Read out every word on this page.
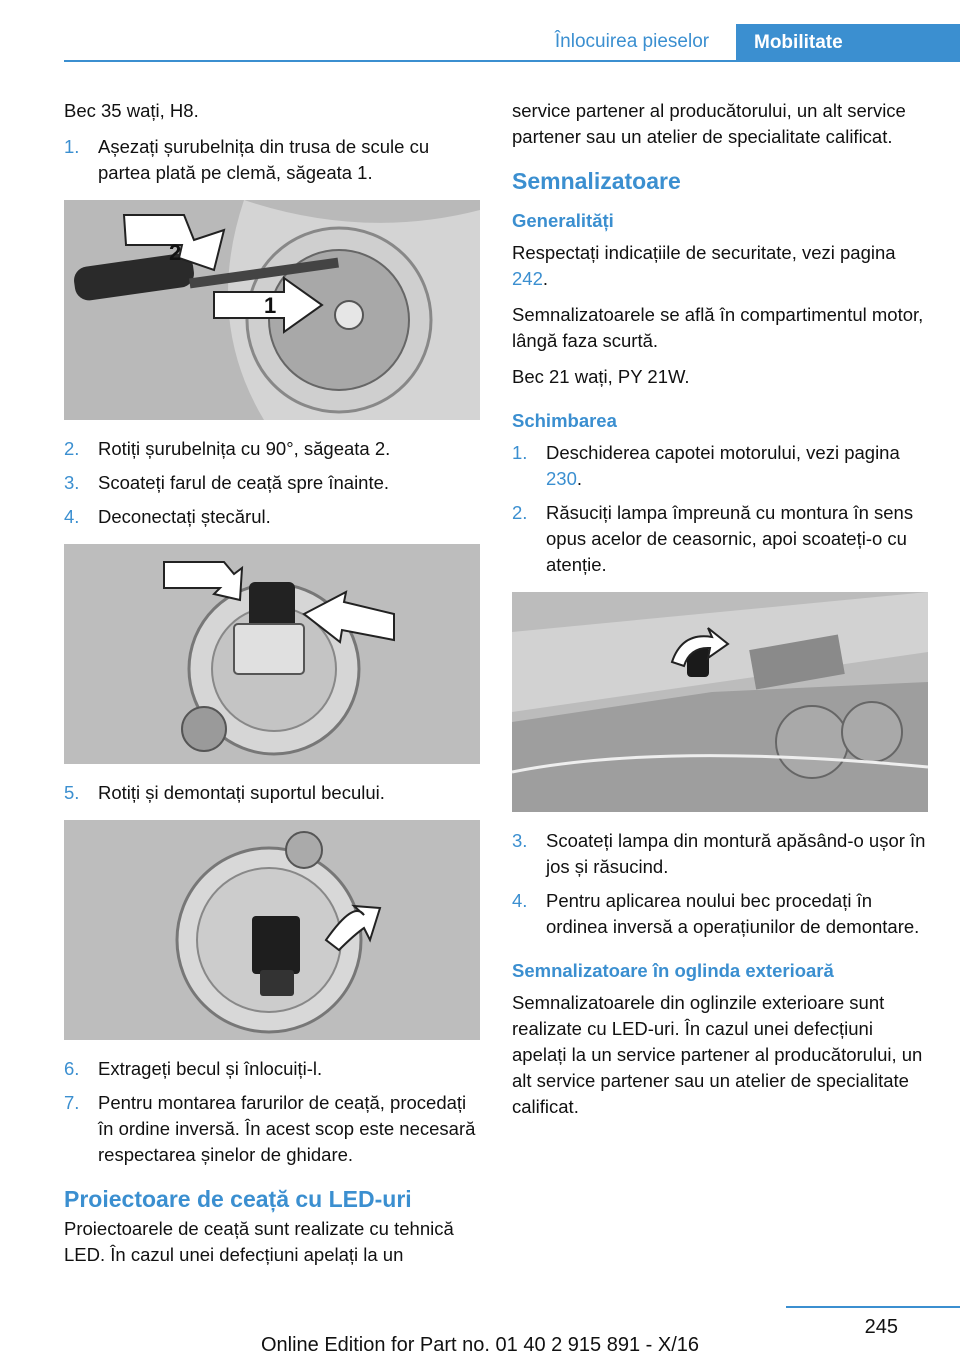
Înlocuirea pieselor	Mobilitate

Bec 35 wați, H8.

1.	Așezați șurubelnița din trusa de scule cu partea plată pe clemă, săgeata 1.
2
1
2.	Rotiți șurubelnița cu 90°, săgeata 2.
3.	Scoateți farul de ceață spre înainte.
4.	Deconectați ștecărul.
5.	Rotiți și demontați suportul becului.
6.	Extrageți becul și înlocuiți-l.
7.	Pentru montarea farurilor de ceață, procedați în ordine inversă. În acest scop este necesară respectarea șinelor de ghidare.
Proiectoare de ceață cu LED-uri

Proiectoarele de ceață sunt realizate cu tehnică LED. În cazul unei defecțiuni apelați la un

service partener al producătorului, un alt service partener sau un atelier de specialitate calificat.

Semnalizatoare
Generalități

Respectați indicațiile de securitate, vezi pagina 242.

Semnalizatoarele se află în compartimentul motor, lângă faza scurtă.

Bec 21 wați, PY 21W.

Schimbarea
1.	Deschiderea capotei motorului, vezi pagina 230.
2.	Răsuciți lampa împreună cu montura în sens opus acelor de ceasornic, apoi scoateți-o cu atenție.
3.	Scoateți lampa din montură apăsând-o ușor în jos și răsucind.
4.	Pentru aplicarea noului bec procedați în ordinea inversă a operațiunilor de demontare.
Semnalizatoare în oglinda exterioară

Semnalizatoarele din oglinzile exterioare sunt realizate cu LED-uri. În cazul unei defecțiuni apelați la un service partener al producătorului, un alt service partener sau un atelier de specialitate calificat.

245
Online Edition for Part no. 01 40 2 915 891 - X/16
